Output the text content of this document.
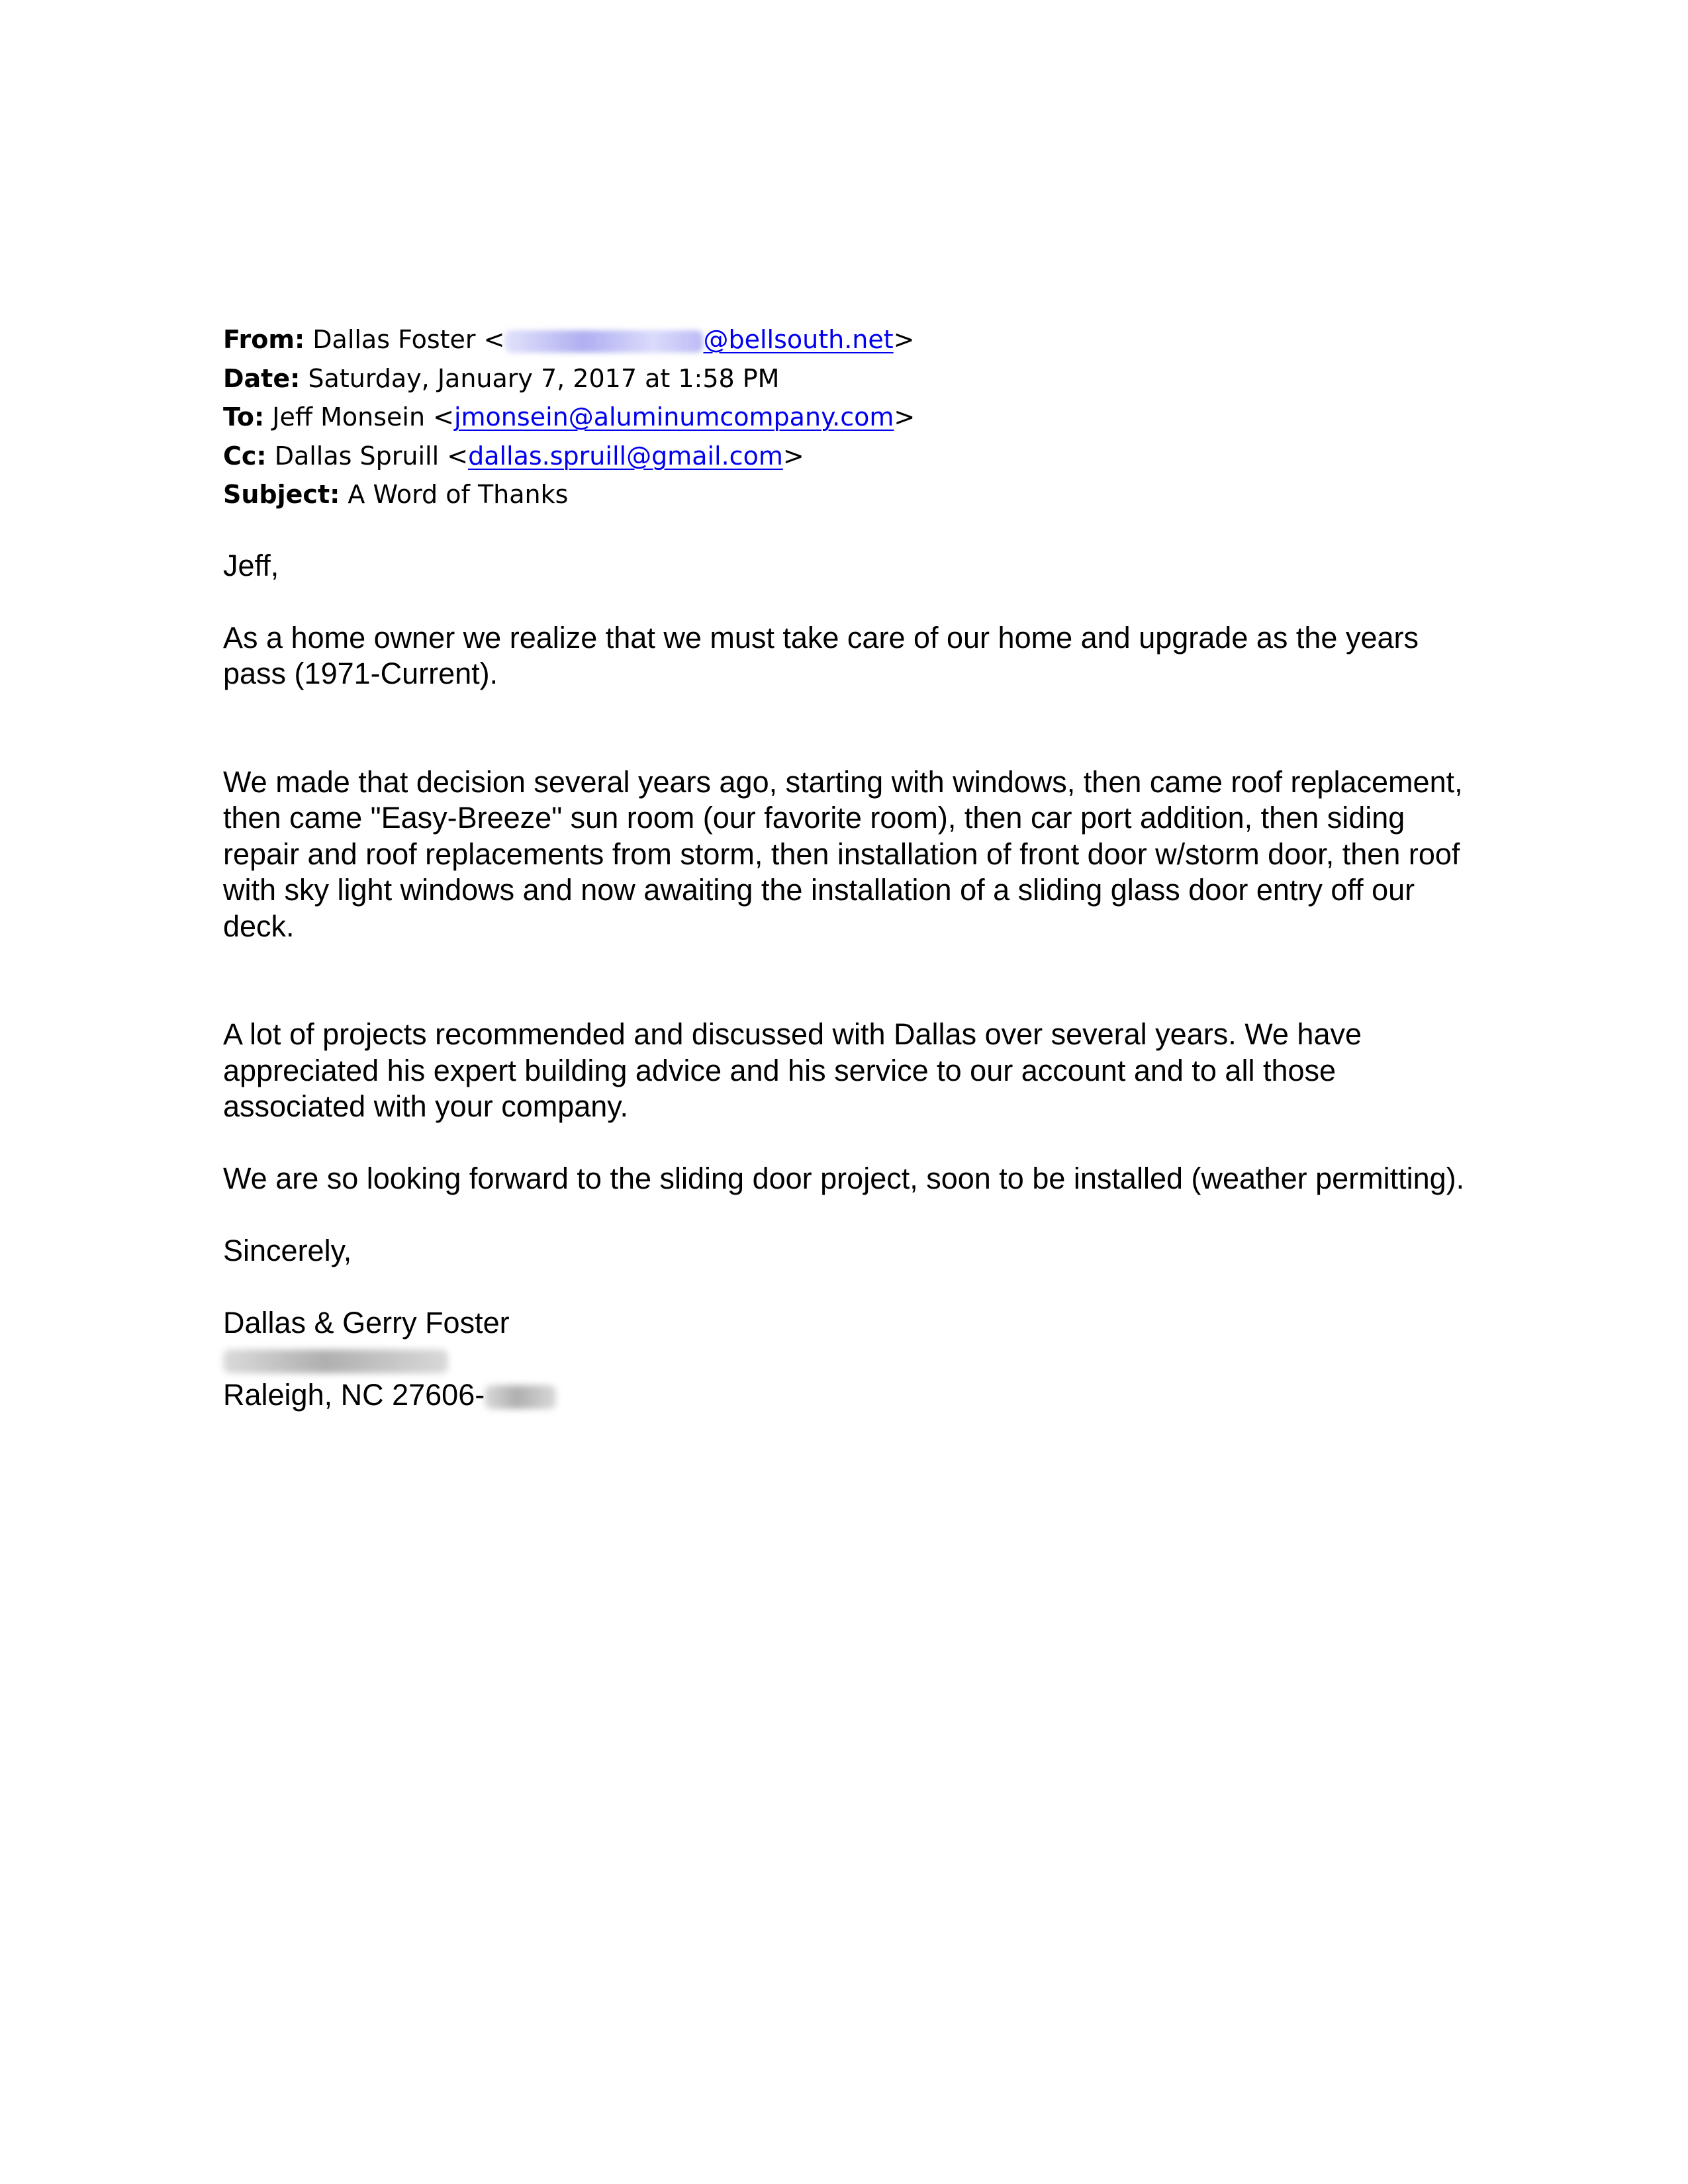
From: Dallas Foster <	@bellsouth.net>
Date: Saturday, January 7, 2017 at 1:58 PM
To: Jeff Monsein <jmonsein@aluminumcompany.com>
Cc: Dallas Spruill <dallas.spruill@gmail.com>
Subject: A Word of Thanks

Jeff,

As a home owner we realize that we must take care of our home and upgrade as the years pass (1971-Current).

We made that decision several years ago, starting with windows, then came roof replacement, then came "Easy-Breeze" sun room (our favorite room), then car port addition, then siding repair and roof replacements from storm, then installation of front door w/storm door, then roof with sky light windows and now awaiting the installation of a sliding glass door entry off our deck.

A lot of projects recommended and discussed with Dallas over several years. We have appreciated his expert building advice and his service to our account and to all those associated with your company.

We are so looking forward to the sliding door project, soon to be installed (weather permitting).

Sincerely,

Dallas & Gerry Foster

Raleigh, NC 27606-
